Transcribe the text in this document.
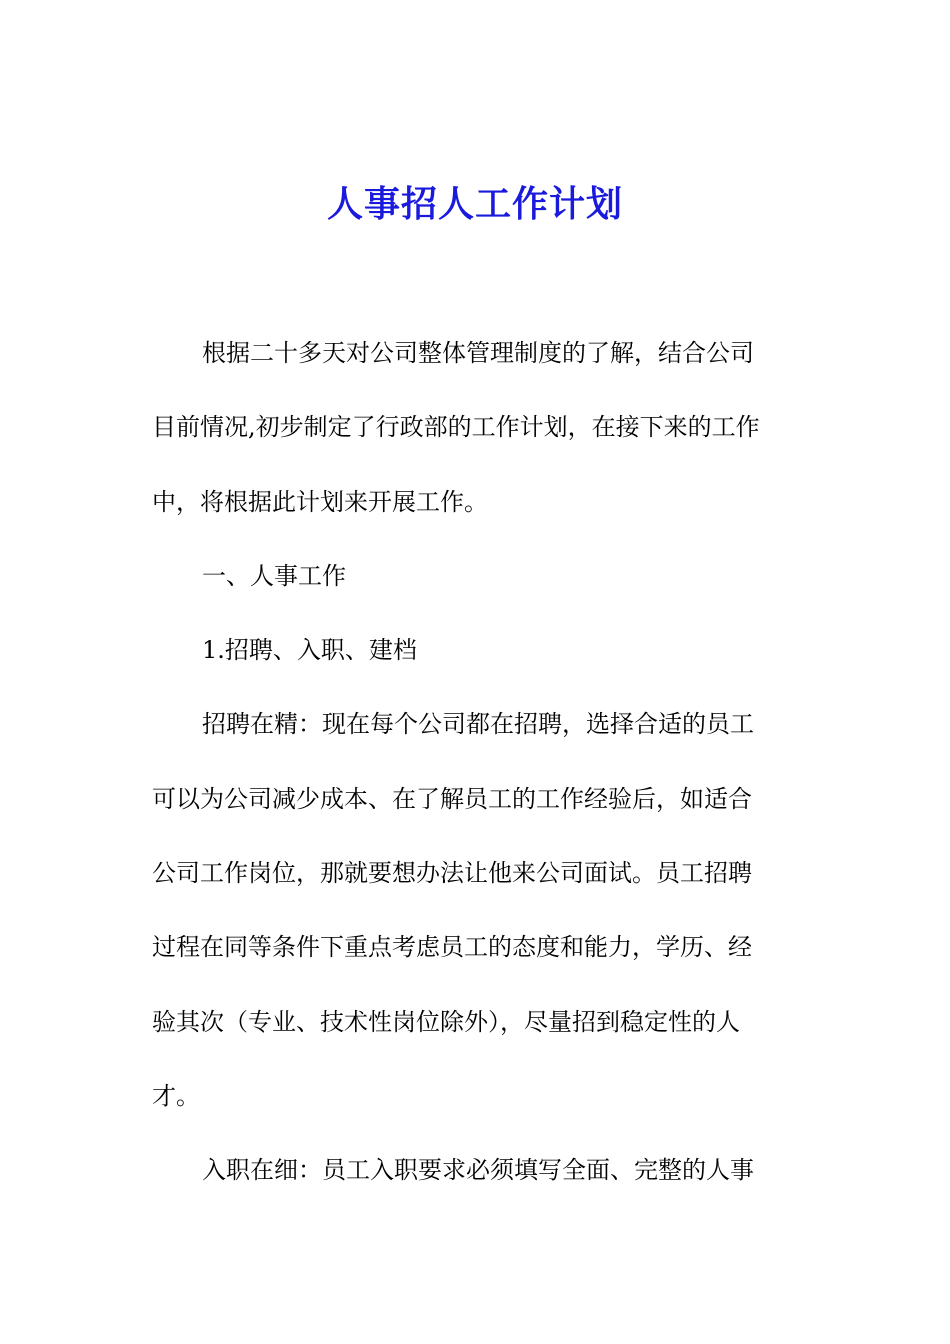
人事招人工作计划
根据二十多天对公司整体管理制度的了解，结合公司
目前情况,初步制定了行政部的工作计划，在接下来的工作
中，将根据此计划来开展工作。
一、人事工作
1.招聘、入职、建档
招聘在精：现在每个公司都在招聘，选择合适的员工
可以为公司减少成本、在了解员工的工作经验后，如适合
公司工作岗位，那就要想办法让他来公司面试。员工招聘
过程在同等条件下重点考虑员工的态度和能力，学历、经
验其次（专业、技术性岗位除外），尽量招到稳定性的人
才。
入职在细：员工入职要求必须填写全面、完整的人事
